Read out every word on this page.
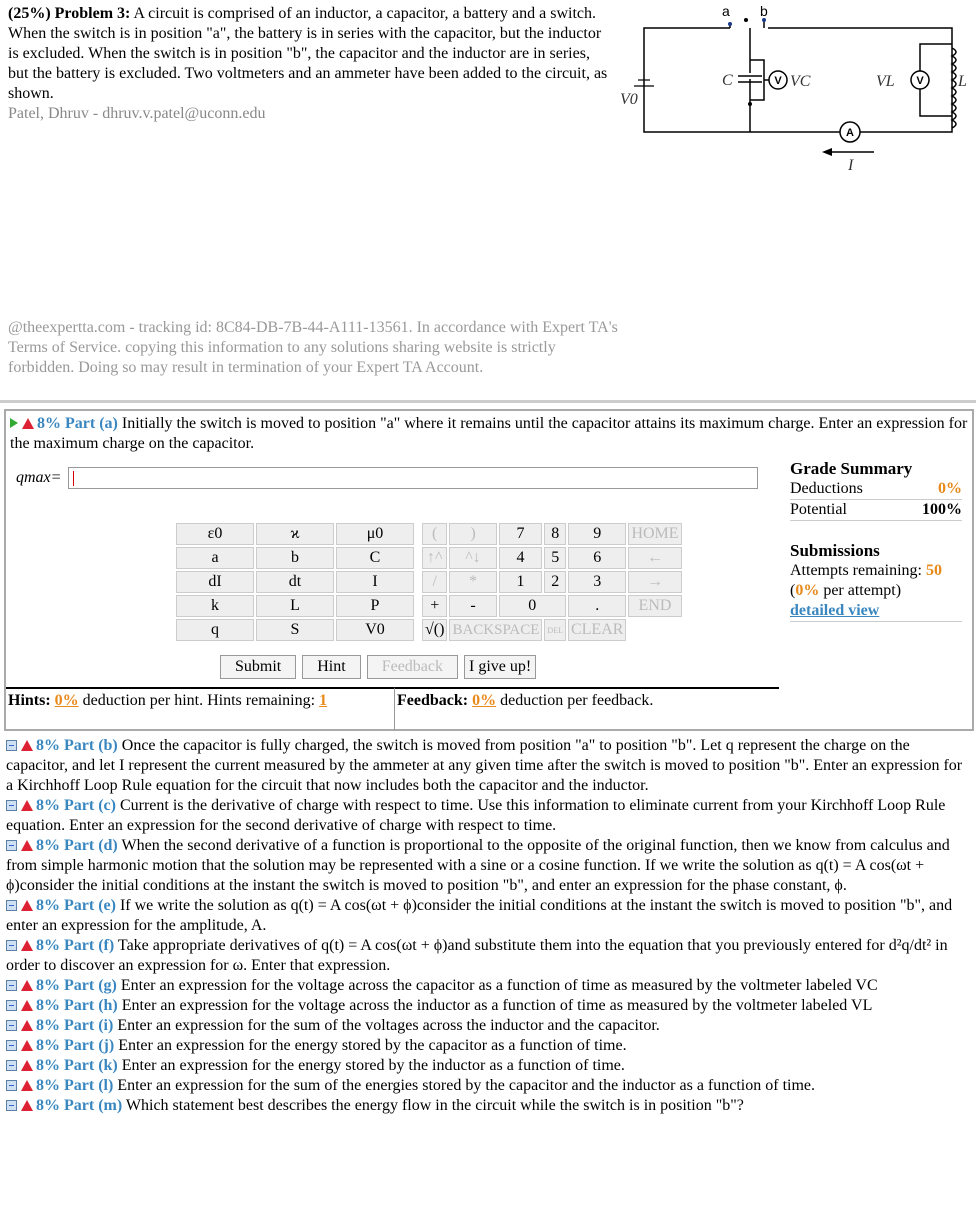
(25%) Problem 3: A circuit is comprised of an inductor, a capacitor, a battery and a switch. When the switch is in position "a", the battery is in series with the capacitor, but the inductor is excluded. When the switch is in position "b", the capacitor and the inductor are in series, but the battery is excluded. Two voltmeters and an ammeter have been added to the circuit, as shown.
Patel, Dhruv - dhruv.v.patel@uconn.edu
a b
C	VC	VL	L
V0
I
V	V
A
@theexpertta.com - tracking id: 8C84-DB-7B-44-A111-13561. In accordance with Expert TA's Terms of Service. copying this information to any solutions sharing website is strictly forbidden. Doing so may result in termination of your Expert TA Account.
8% Part (a) Initially the switch is moved to position "a" where it remains until the capacitor attains its maximum charge. Enter an expression for the maximum charge on the capacitor.
qmax=	Grade Summary
Deductions	0%
Potential	100%
Submissions
Attempts remaining: 50
(0% per attempt)
detailed view
ε0	ϰ	μ0
a	b	C
dI	dt	I
k	L	P
q	S	V0
(	)	7	8	9	HOME
↑^	^↓	4	5	6	←
/	*	1	2	3	→
+	-	0		.	END
√()	BACKSPACE		DEL	CLEAR	
Submit	Hint	Feedback	I give up!
Hints: 0% deduction per hint. Hints remaining: 1	Feedback: 0% deduction per feedback.
8% Part (b) Once the capacitor is fully charged, the switch is moved from position "a" to position "b". Let q represent the charge on the capacitor, and let I represent the current measured by the ammeter at any given time after the switch is moved to position "b". Enter an expression for a Kirchhoff Loop Rule equation for the circuit that now includes both the capacitor and the inductor.
8% Part (c) Current is the derivative of charge with respect to time. Use this information to eliminate current from your Kirchhoff Loop Rule equation. Enter an expression for the second derivative of charge with respect to time.
8% Part (d) When the second derivative of a function is proportional to the opposite of the original function, then we know from calculus and from simple harmonic motion that the solution may be represented with a sine or a cosine function. If we write the solution as q(t) = A cos(ωt + ϕ)consider the initial conditions at the instant the switch is moved to position "b", and enter an expression for the phase constant, ϕ.
8% Part (e) If we write the solution as q(t) = A cos(ωt + ϕ)consider the initial conditions at the instant the switch is moved to position "b", and enter an expression for the amplitude, A.
8% Part (f) Take appropriate derivatives of q(t) = A cos(ωt + ϕ)and substitute them into the equation that you previously entered for d²q/dt² in order to discover an expression for ω. Enter that expression.
8% Part (g) Enter an expression for the voltage across the capacitor as a function of time as measured by the voltmeter labeled VC
8% Part (h) Enter an expression for the voltage across the inductor as a function of time as measured by the voltmeter labeled VL
8% Part (i) Enter an expression for the sum of the voltages across the inductor and the capacitor.
8% Part (j) Enter an expression for the energy stored by the capacitor as a function of time.
8% Part (k) Enter an expression for the energy stored by the inductor as a function of time.
8% Part (l) Enter an expression for the sum of the energies stored by the capacitor and the inductor as a function of time.
8% Part (m) Which statement best describes the energy flow in the circuit while the switch is in position "b"?
